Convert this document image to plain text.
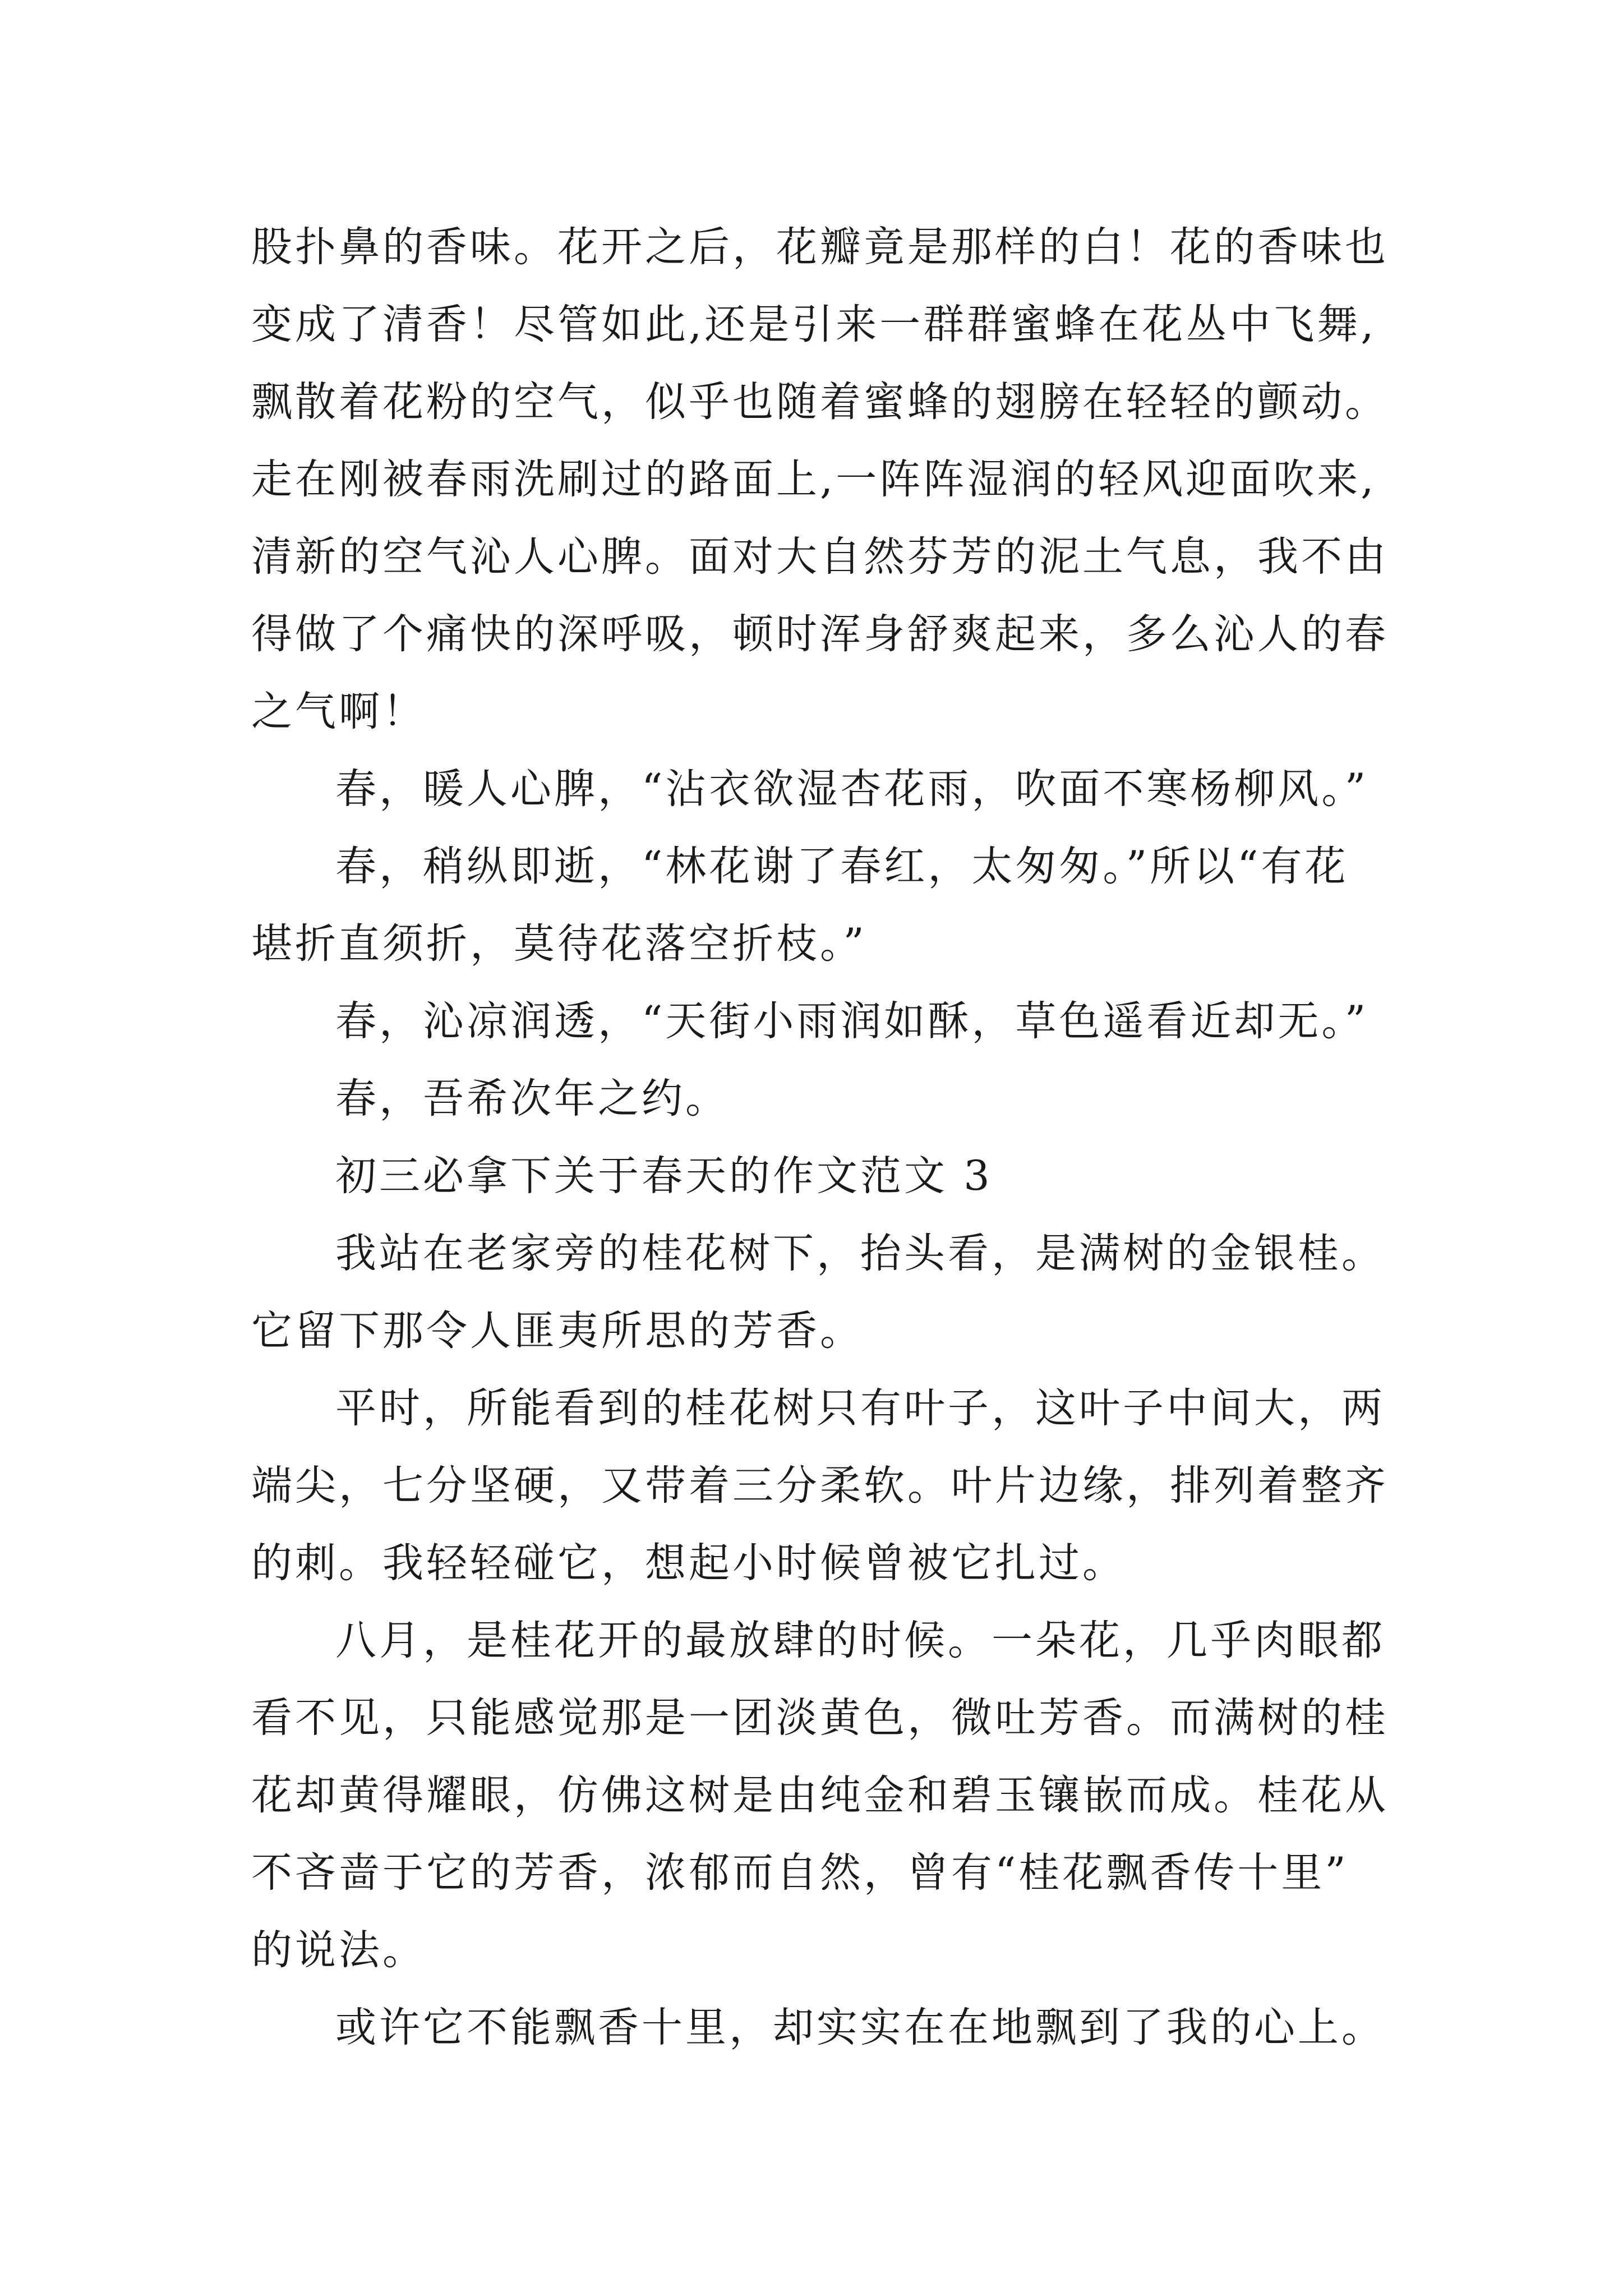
股扑鼻的香味。花开之后，花瓣竟是那样的白！花的香味也
变成了清香！尽管如此,还是引来一群群蜜蜂在花丛中飞舞,
飘散着花粉的空气，似乎也随着蜜蜂的翅膀在轻轻的颤动。
走在刚被春雨洗刷过的路面上,一阵阵湿润的轻风迎面吹来,
清新的空气沁人心脾。面对大自然芬芳的泥土气息，我不由
得做了个痛快的深呼吸，顿时浑身舒爽起来，多么沁人的春
之气啊！
春，暖人心脾，“沾衣欲湿杏花雨，吹面不寒杨柳风。”
春，稍纵即逝，“林花谢了春红，太匆匆。”所以“有花
堪折直须折，莫待花落空折枝。”
春，沁凉润透，“天街小雨润如酥，草色遥看近却无。”
春，吾希次年之约。
初三必拿下关于春天的作文范文 3
我站在老家旁的桂花树下，抬头看，是满树的金银桂。
它留下那令人匪夷所思的芳香。
平时，所能看到的桂花树只有叶子，这叶子中间大，两
端尖，七分坚硬，又带着三分柔软。叶片边缘，排列着整齐
的刺。我轻轻碰它，想起小时候曾被它扎过。
八月，是桂花开的最放肆的时候。一朵花，几乎肉眼都
看不见，只能感觉那是一团淡黄色，微吐芳香。而满树的桂
花却黄得耀眼，仿佛这树是由纯金和碧玉镶嵌而成。桂花从
不吝啬于它的芳香，浓郁而自然，曾有“桂花飘香传十里”
的说法。
或许它不能飘香十里，却实实在在地飘到了我的心上。
